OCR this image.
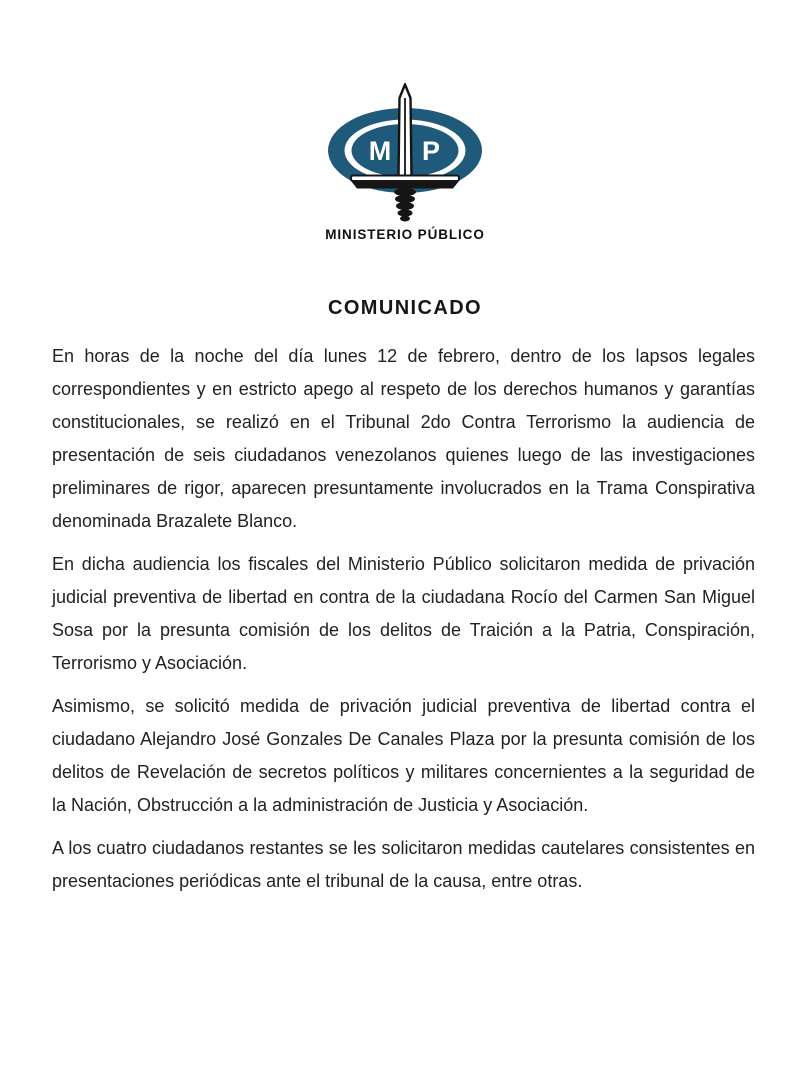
M P
MINISTERIO PÚBLICO
COMUNICADO

En horas de la noche del día lunes 12 de febrero, dentro de los lapsos legales correspondientes y en estricto apego al respeto de los derechos humanos y garantías constitucionales, se realizó en el Tribunal 2do Contra Terrorismo la audiencia de presentación de seis ciudadanos venezolanos quienes luego de las investigaciones preliminares de rigor, aparecen presuntamente involucrados en la Trama Conspirativa denominada Brazalete Blanco.

En dicha audiencia los fiscales del Ministerio Público solicitaron medida de privación judicial preventiva de libertad en contra de la ciudadana Rocío del Carmen San Miguel Sosa por la presunta comisión de los delitos de Traición a la Patria, Conspiración, Terrorismo y Asociación.

Asimismo, se solicitó medida de privación judicial preventiva de libertad contra el ciudadano Alejandro José Gonzales De Canales Plaza por la presunta comisión de los delitos de Revelación de secretos políticos y militares concernientes a la seguridad de la Nación, Obstrucción a la administración de Justicia y Asociación.

A los cuatro ciudadanos restantes se les solicitaron medidas cautelares consistentes en presentaciones periódicas ante el tribunal de la causa, entre otras.
